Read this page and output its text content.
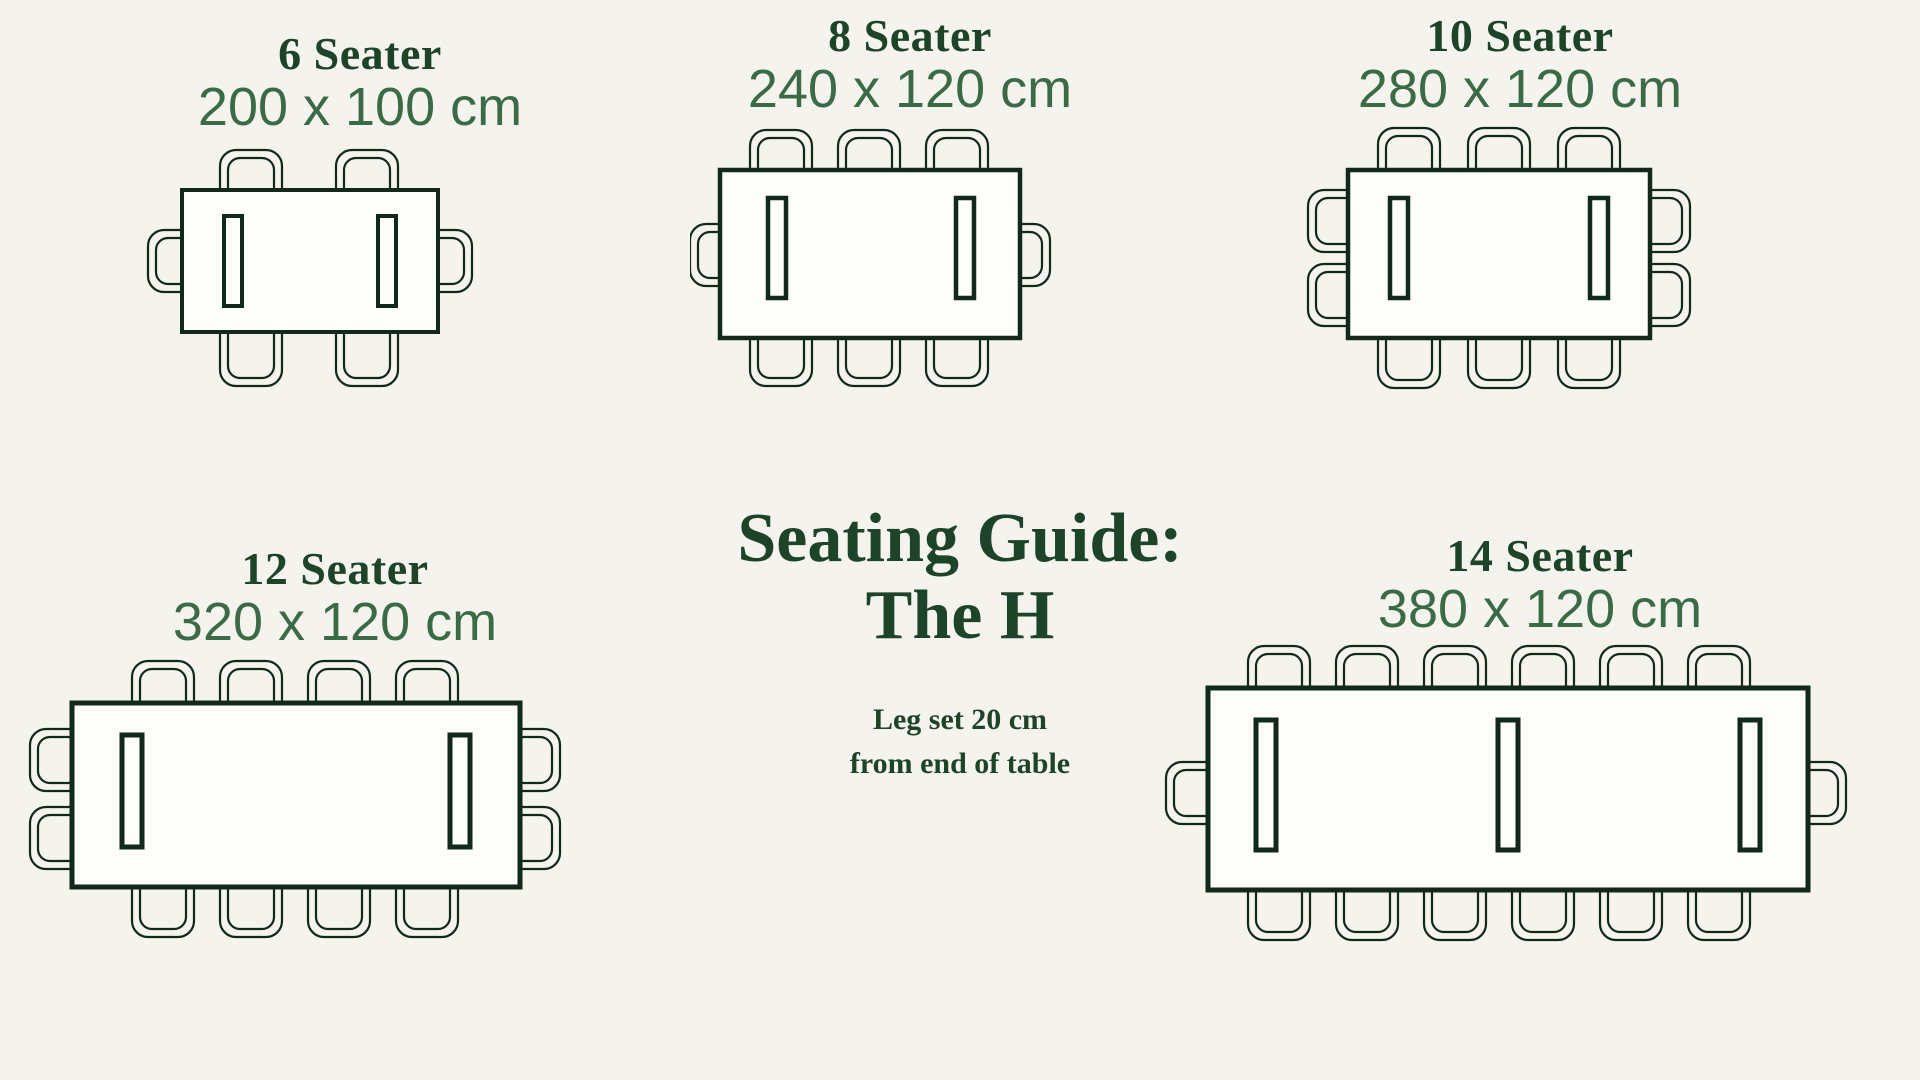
6 Seater
200 x 100 cm
8 Seater
240 x 120 cm
10 Seater
280 x 120 cm
Seating Guide:
The H
Leg set 20 cm
from end of table
12 Seater
320 x 120 cm
14 Seater
380 x 120 cm
